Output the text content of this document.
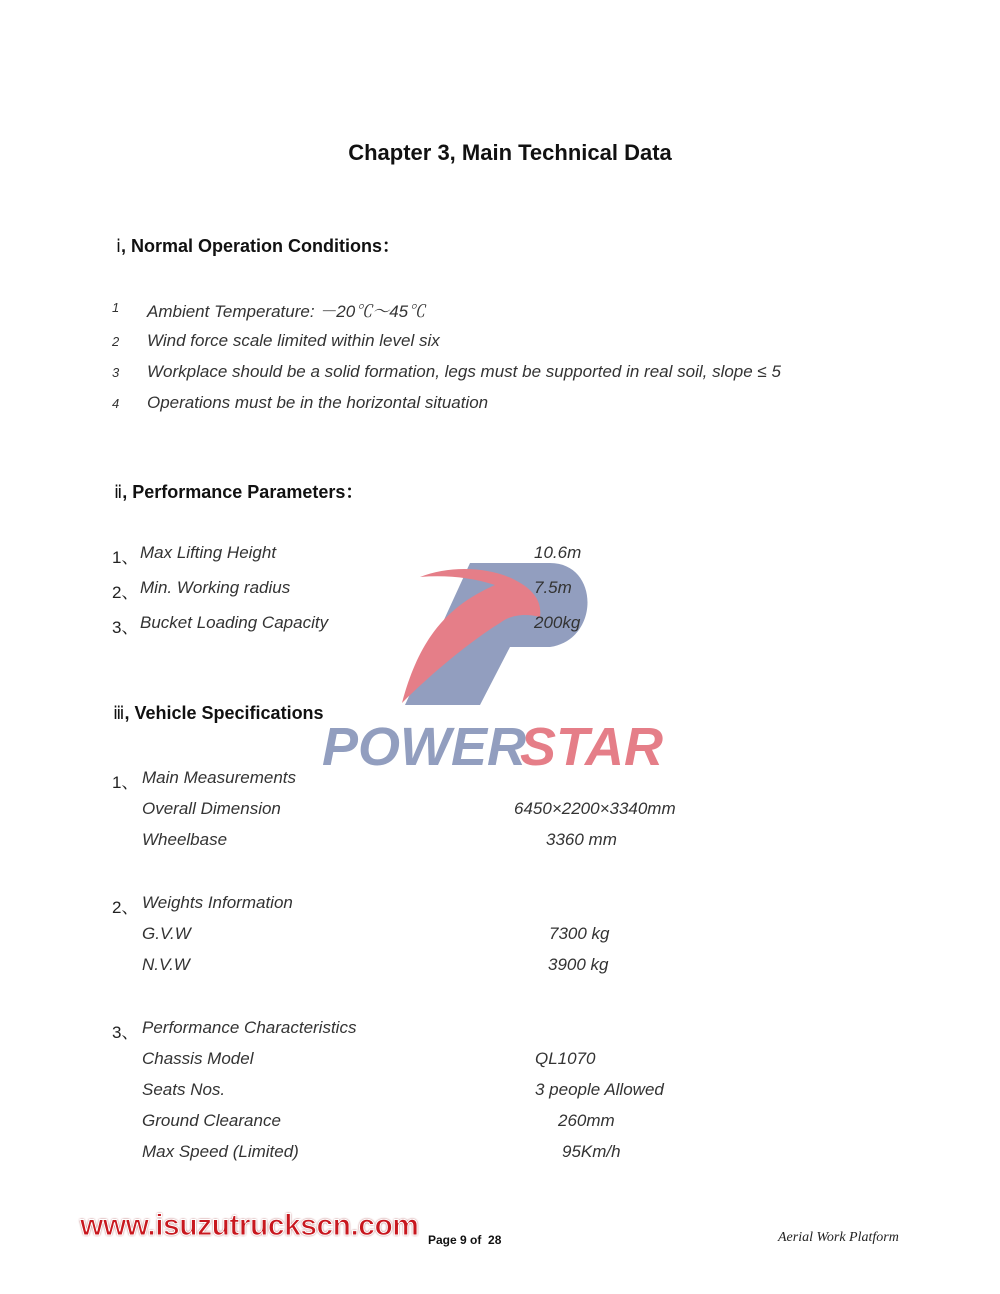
POWER
STAR
Chapter 3, Main Technical Data
ⅰ, Normal Operation Conditions：
1 Ambient Temperature: －20℃～45℃
2 Wind force scale limited within level six
3 Workplace should be a solid formation, legs must be supported in real soil, slope ≤ 5
4 Operations must be in the horizontal situation
ⅱ, Performance Parameters：
1、 Max Lifting Height	10.6m
2、 Min. Working radius	7.5m
3、 Bucket Loading Capacity	200kg
ⅲ, Vehicle Specifications
1、 Main Measurements
Overall Dimension	6450×2200×3340mm
Wheelbase	3360 mm
2、 Weights Information
G.V.W	7300 kg
N.V.W	3900 kg
3、 Performance Characteristics
Chassis Model	QL1070
Seats Nos.	3 people Allowed
Ground Clearance	260mm
Max Speed (Limited)	95Km/h
www.isuzutruckscn.com Page 9 of  28	Aerial Work Platform
